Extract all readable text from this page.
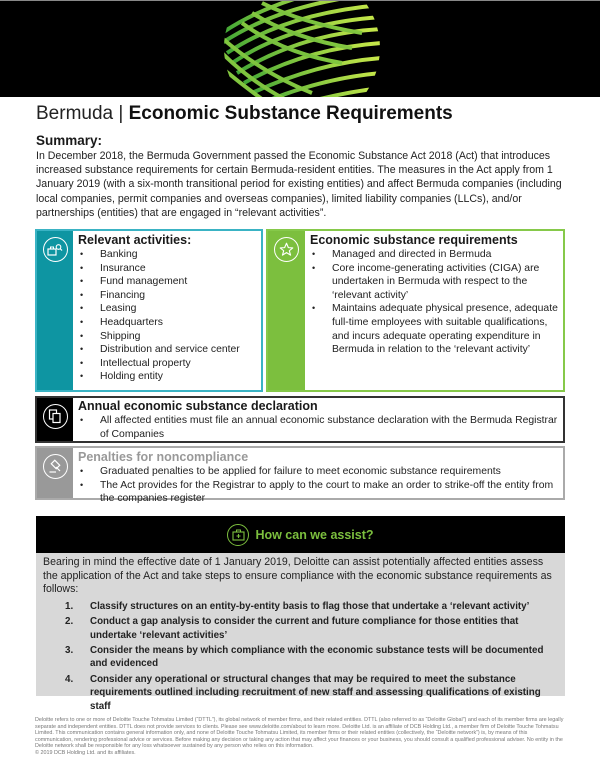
Bermuda | Economic Substance Requirements
Summary:
In December 2018, the Bermuda Government passed the Economic Substance Act 2018 (Act) that introduces increased substance requirements for certain Bermuda-resident entities. The measures in the Act apply from 1 January 2019 (with a six-month transitional period for existing entities) and affect Bermuda companies (including local companies, permit companies and overseas companies), limited liability companies (LLCs), and/or partnerships (entities) that are engaged in “relevant activities”.
Relevant activities:
• Banking
• Insurance
• Fund management
• Financing
• Leasing
• Headquarters
• Shipping
• Distribution and service center
• Intellectual property
• Holding entity
Economic substance requirements
• Managed and directed in Bermuda
• Core income-generating activities (CIGA) are undertaken in Bermuda with respect to the ‘relevant activity’
• Maintains adequate physical presence, adequate full-time employees with suitable qualifications, and incurs adequate operating expenditure in Bermuda in relation to the ‘relevant activity’
Annual economic substance declaration
• All affected entities must file an annual economic substance declaration with the Bermuda Registrar of Companies
Penalties for noncompliance
• Graduated penalties to be applied for failure to meet economic substance requirements
• The Act provides for the Registrar to apply to the court to make an order to strike-off the entity from the companies register
How can we assist?

Bearing in mind the effective date of 1 January 2019, Deloitte can assist potentially affected entities assess the application of the Act and take steps to ensure compliance with the economic substance requirements as follows:

1. Classify structures on an entity-by-entity basis to flag those that undertake a ‘relevant activity’
2. Conduct a gap analysis to consider the current and future compliance for those entities that undertake ‘relevant activities’
3. Consider the means by which compliance with the economic substance tests will be documented and evidenced
4. Consider any operational or structural changes that may be required to meet the substance requirements outlined including recruitment of new staff and assessing qualifications of existing staff
Deloitte refers to one or more of Deloitte Touche Tohmatsu Limited (“DTTL”), its global network of member firms, and their related entities. DTTL (also referred to as “Deloitte Global”) and each of its member firms are legally separate and independent entities. DTTL does not provide services to clients. Please see www.deloitte.com/about to learn more. Deloitte Ltd. is an affiliate of DCB Holding Ltd., a member firm of Deloitte Touche Tohmatsu Limited. This communication contains general information only, and none of Deloitte Touche Tohmatsu Limited, its member firms or their related entities (collectively, the “Deloitte network”) is, by means of this communication, rendering professional advice or services. Before making any decision or taking any action that may affect your finances or your business, you should consult a qualified professional adviser. No entity in the Deloitte network shall be responsible for any loss whatsoever sustained by any person who relies on this information.
© 2019 DCB Holding Ltd. and its affiliates.
